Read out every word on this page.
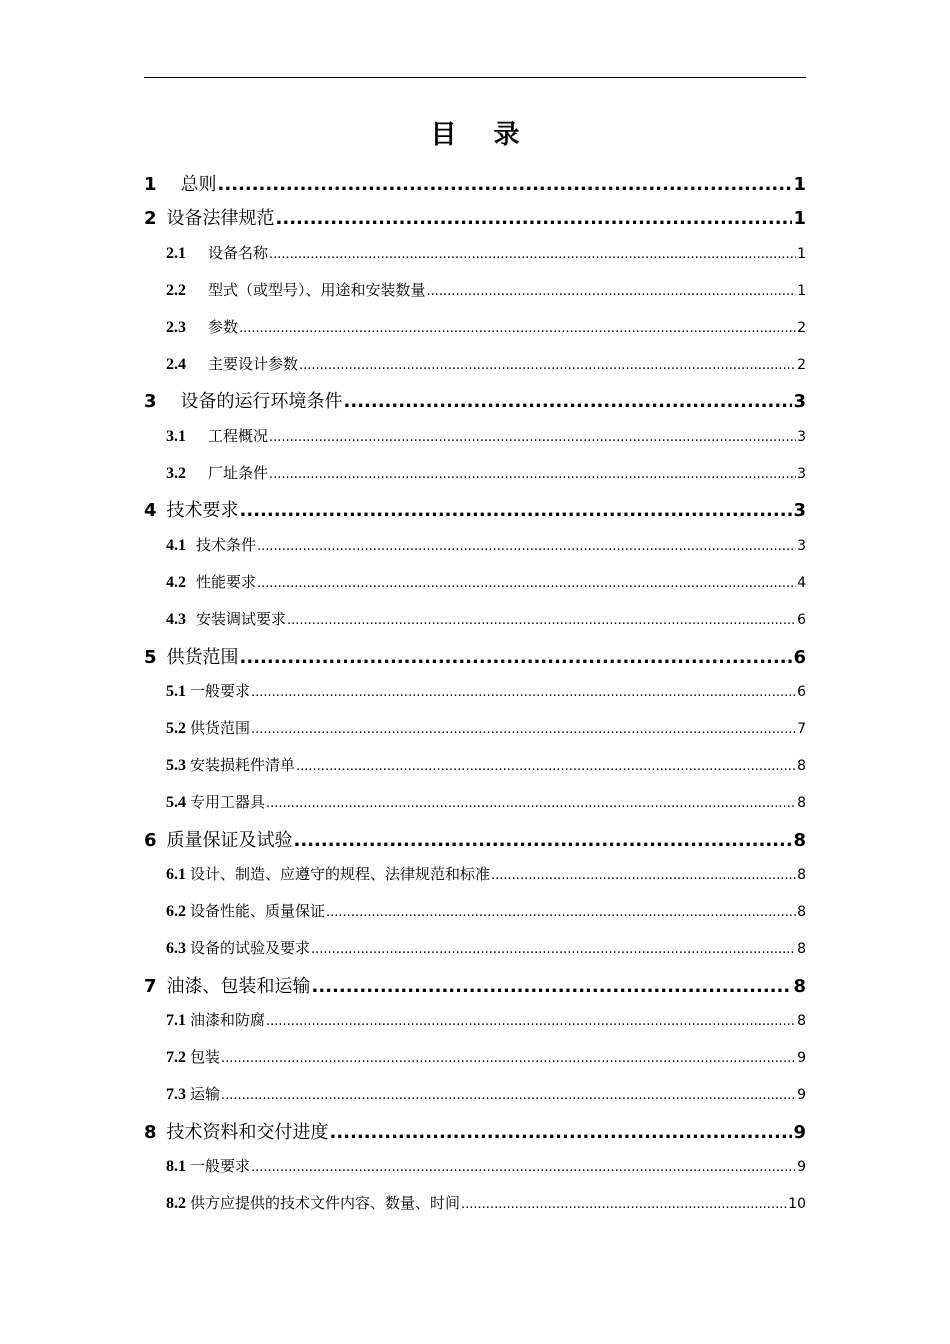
目 录
1 总则 .....	1
2 设备法律规范 .....	1
2.1 设备名称 .....	1
2.2 型式（或型号）、用途和安装数量 .....	1
2.3 参数 .....	2
2.4 主要设计参数 .....	2
3 设备的运行环境条件 .....	3
3.1 工程概况 .....	3
3.2 厂址条件 .....	3
4 技术要求 .....	3
4.1 技术条件 .....	3
4.2 性能要求 .....	4
4.3 安装调试要求 .....	6
5 供货范围 .....	6
5.1 一般要求 .....	6
5.2 供货范围 .....	7
5.3 安装损耗件清单 .....	8
5.4 专用工器具 .....	8
6 质量保证及试验 .....	8
6.1 设计、制造、应遵守的规程、法律规范和标准 .....	8
6.2 设备性能、质量保证 .....	8
6.3 设备的试验及要求 .....	8
7 油漆、包装和运输 .....	8
7.1 油漆和防腐 .....	8
7.2 包装 .....	9
7.3 运输 .....	9
8 技术资料和交付进度 .....	9
8.1 一般要求 .....	9
8.2 供方应提供的技术文件内容、数量、时间 .....	10
